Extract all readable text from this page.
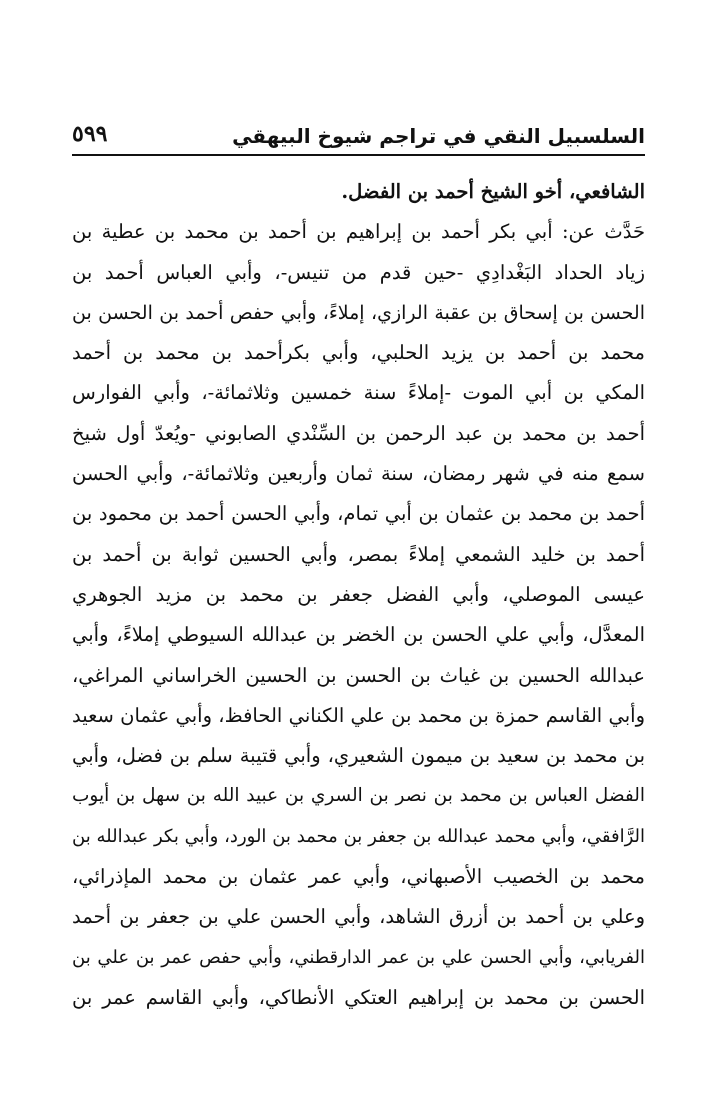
السلسبيل النقي في تراجم شيوخ البيهقي
٥٩٩
الشافعي، أخو الشيخ أحمد بن الفضل.
حَدَّث عن: أبي بكر أحمد بن إبراهيم بن أحمد بن محمد بن عطية بن
زياد الحداد البَغْدادِي -حين قدم من تنيس-، وأبي العباس أحمد بن
الحسن بن إسحاق بن عقبة الرازي، إملاءً، وأبي حفص أحمد بن الحسن بن
محمد بن أحمد بن يزيد الحلبي، وأبي بكرأحمد بن محمد بن أحمد
المكي بن أبي الموت -إملاءً سنة خمسين وثلاثمائة-، وأبي الفوارس
أحمد بن محمد بن عبد الرحمن بن السِّنْدي الصابوني -ويُعدّ أول شيخ
سمع منه في شهر رمضان، سنة ثمان وأربعين وثلاثمائة-، وأبي الحسن
أحمد بن محمد بن عثمان بن أبي تمام، وأبي الحسن أحمد بن محمود بن
أحمد بن خليد الشمعي إملاءً بمصر، وأبي الحسين ثوابة بن أحمد بن
عيسى الموصلي، وأبي الفضل جعفر بن محمد بن مزيد الجوهري
المعدَّل، وأبي علي الحسن بن الخضر بن عبدالله السيوطي إملاءً، وأبي
عبدالله الحسين بن غياث بن الحسن بن الحسين الخراساني المراغي،
وأبي القاسم حمزة بن محمد بن علي الكناني الحافظ، وأبي عثمان سعيد
بن محمد بن سعيد بن ميمون الشعيري، وأبي قتيبة سلم بن فضل، وأبي
الفضل العباس بن محمد بن نصر بن السري بن عبيد الله بن سهل بن أيوب
الرَّافقي، وأبي محمد عبدالله بن جعفر بن محمد بن الورد، وأبي بكر عبدالله بن
محمد بن الخصيب الأصبهاني، وأبي عمر عثمان بن محمد المإذرائي،
وعلي بن أحمد بن أزرق الشاهد، وأبي الحسن علي بن جعفر بن أحمد
الفريابي، وأبي الحسن علي بن عمر الدارقطني، وأبي حفص عمر بن علي بن
الحسن بن محمد بن إبراهيم العتكي الأنطاكي، وأبي القاسم عمر بن
